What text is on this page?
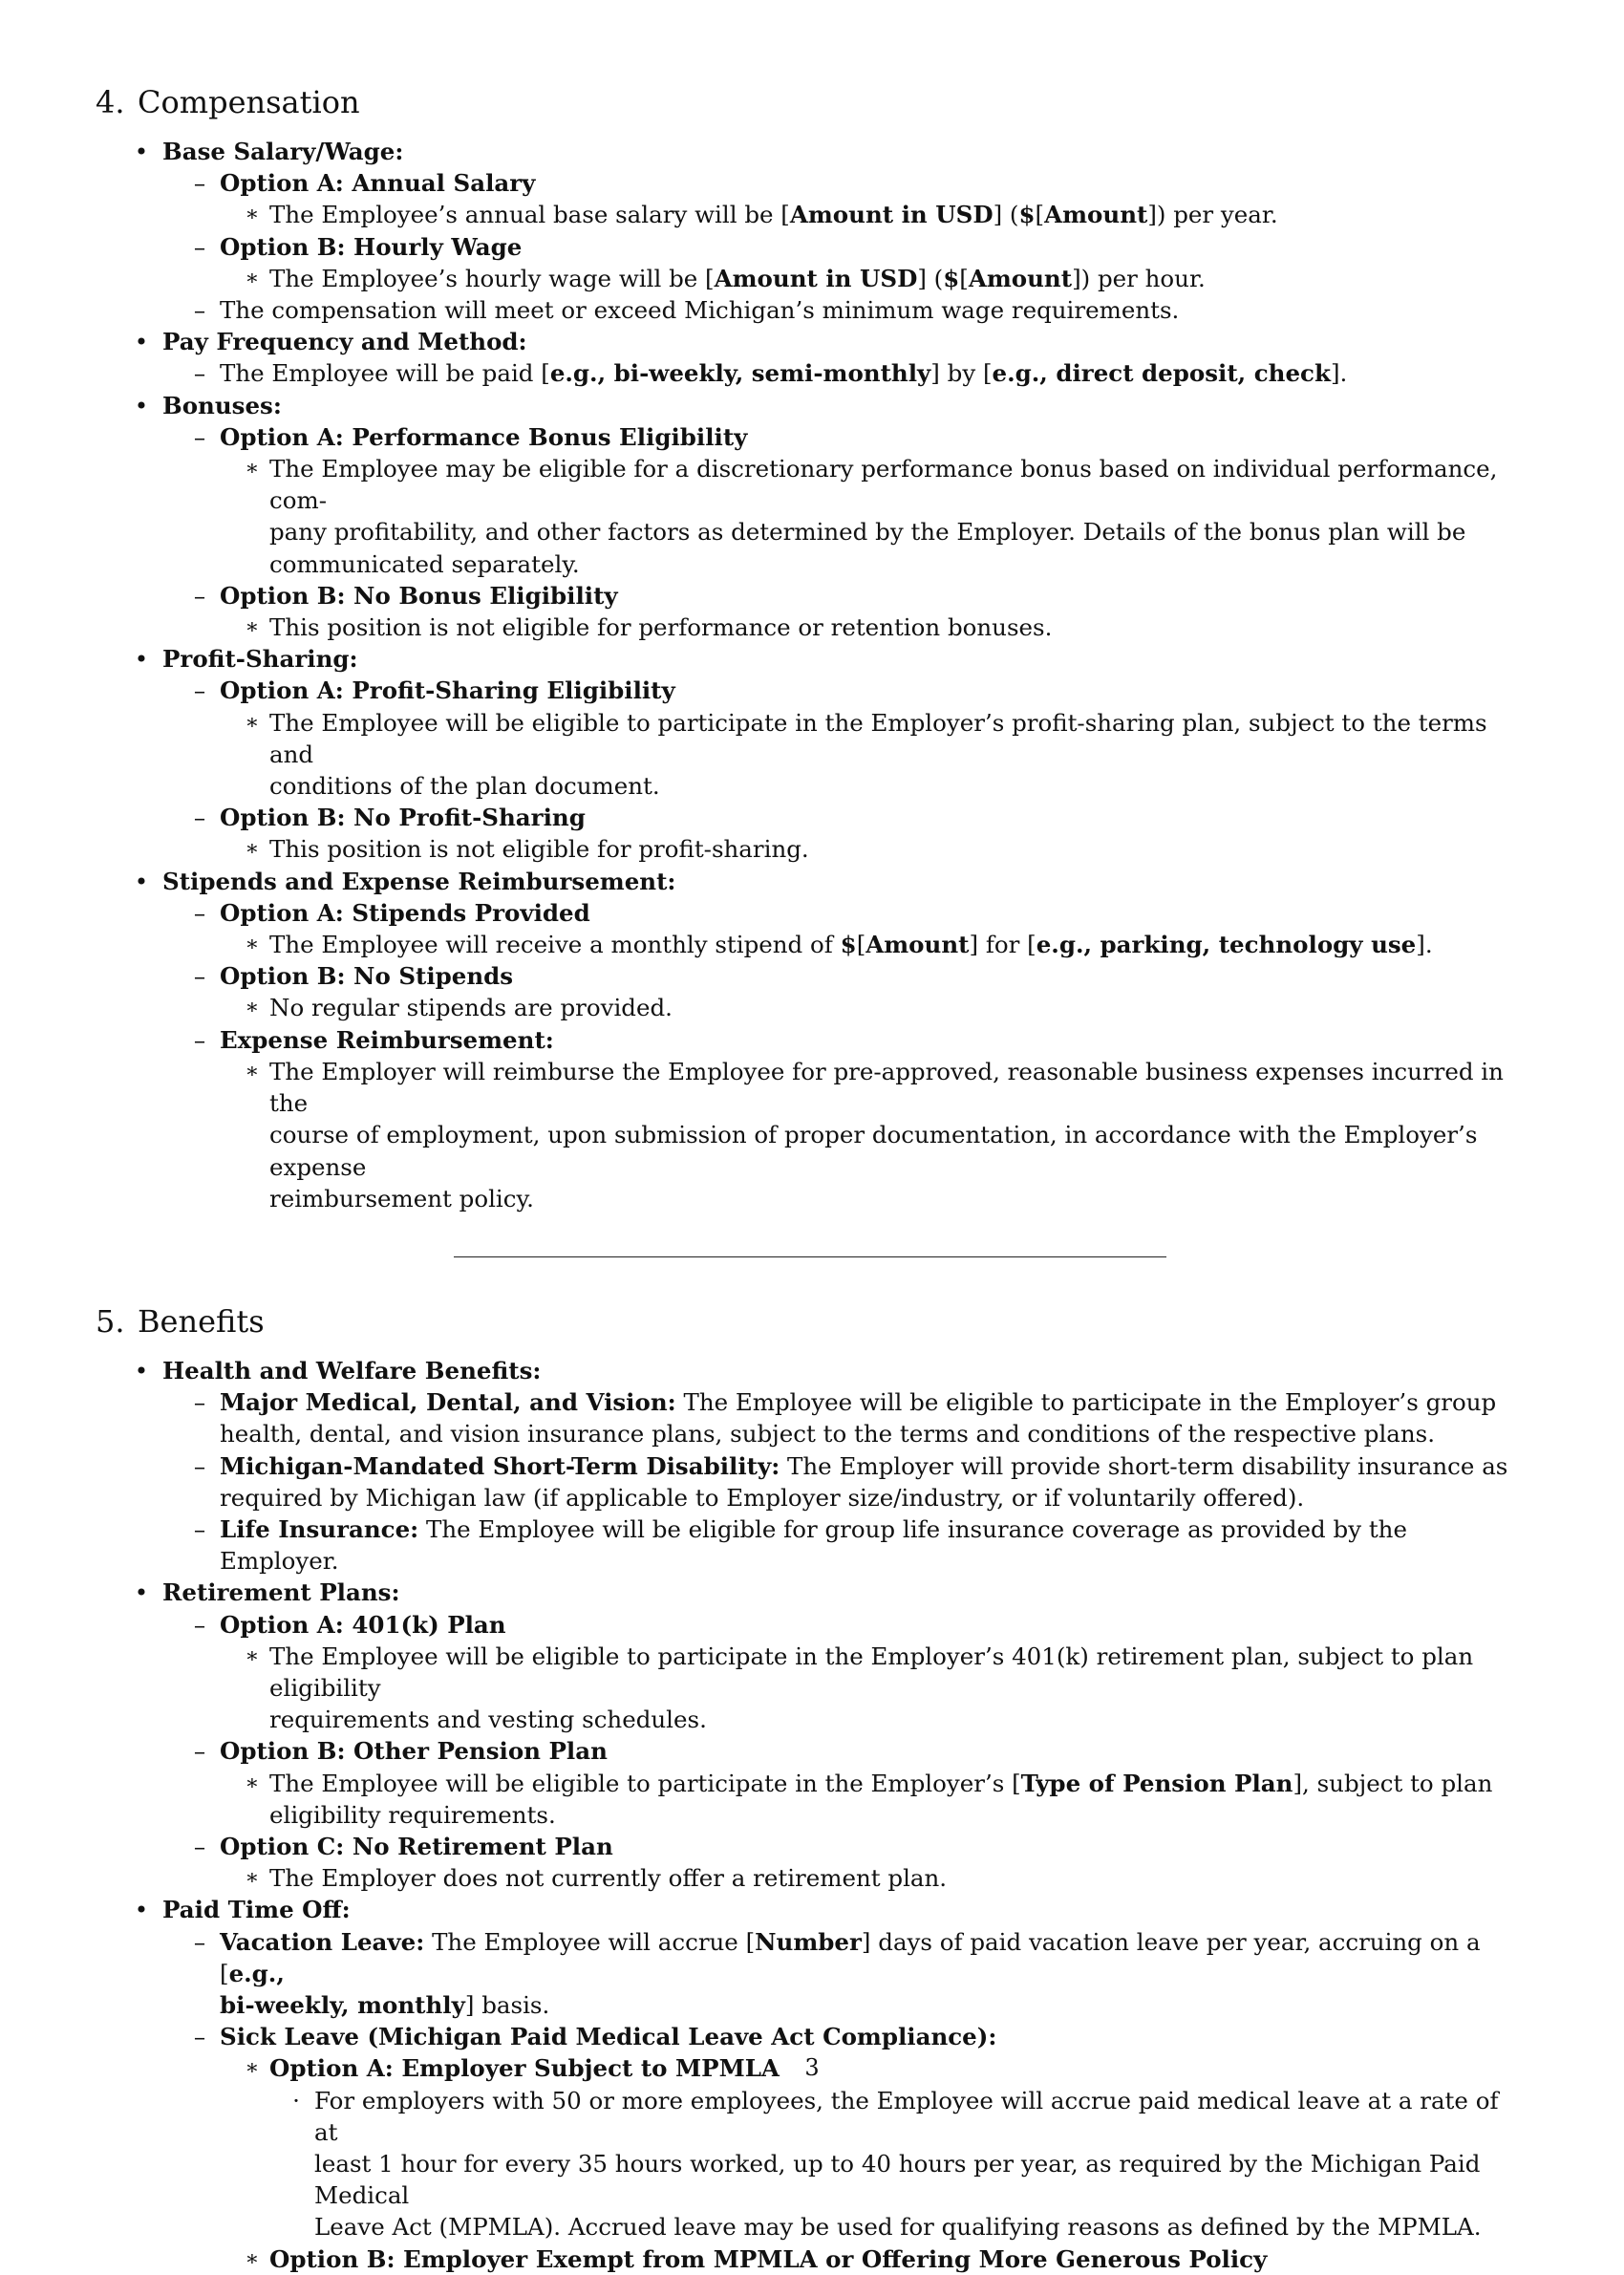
4. Compensation
• Base Salary/Wage:
– Option A: Annual Salary
∗ The Employee’s annual base salary will be [Amount in USD] ($[Amount]) per year.
– Option B: Hourly Wage
∗ The Employee’s hourly wage will be [Amount in USD] ($[Amount]) per hour.
– The compensation will meet or exceed Michigan’s minimum wage requirements.
• Pay Frequency and Method:
– The Employee will be paid [e.g., bi-weekly, semi-monthly] by [e.g., direct deposit, check].
• Bonuses:
– Option A: Performance Bonus Eligibility
∗ The Employee may be eligible for a discretionary performance bonus based on individual performance, com-
pany profitability, and other factors as determined by the Employer. Details of the bonus plan will be
communicated separately.
– Option B: No Bonus Eligibility
∗ This position is not eligible for performance or retention bonuses.
• Profit-Sharing:
– Option A: Profit-Sharing Eligibility
∗ The Employee will be eligible to participate in the Employer’s profit-sharing plan, subject to the terms and
conditions of the plan document.
– Option B: No Profit-Sharing
∗ This position is not eligible for profit-sharing.
• Stipends and Expense Reimbursement:
– Option A: Stipends Provided
∗ The Employee will receive a monthly stipend of $[Amount] for [e.g., parking, technology use].
– Option B: No Stipends
∗ No regular stipends are provided.
– Expense Reimbursement:
∗ The Employer will reimburse the Employee for pre-approved, reasonable business expenses incurred in the
course of employment, upon submission of proper documentation, in accordance with the Employer’s expense
reimbursement policy.
5. Benefits
• Health and Welfare Benefits:
– Major Medical, Dental, and Vision: The Employee will be eligible to participate in the Employer’s group
health, dental, and vision insurance plans, subject to the terms and conditions of the respective plans.
– Michigan-Mandated Short-Term Disability: The Employer will provide short-term disability insurance as
required by Michigan law (if applicable to Employer size/industry, or if voluntarily offered).
– Life Insurance: The Employee will be eligible for group life insurance coverage as provided by the Employer.
• Retirement Plans:
– Option A: 401(k) Plan
∗ The Employee will be eligible to participate in the Employer’s 401(k) retirement plan, subject to plan eligibility
requirements and vesting schedules.
– Option B: Other Pension Plan
∗ The Employee will be eligible to participate in the Employer’s [Type of Pension Plan], subject to plan
eligibility requirements.
– Option C: No Retirement Plan
∗ The Employer does not currently offer a retirement plan.
• Paid Time Off:
– Vacation Leave: The Employee will accrue [Number] days of paid vacation leave per year, accruing on a [e.g.,
bi-weekly, monthly] basis.
– Sick Leave (Michigan Paid Medical Leave Act Compliance):
∗ Option A: Employer Subject to MPMLA
· For employers with 50 or more employees, the Employee will accrue paid medical leave at a rate of at
least 1 hour for every 35 hours worked, up to 40 hours per year, as required by the Michigan Paid Medical
Leave Act (MPMLA). Accrued leave may be used for qualifying reasons as defined by the MPMLA.
∗ Option B: Employer Exempt from MPMLA or Offering More Generous Policy
3
